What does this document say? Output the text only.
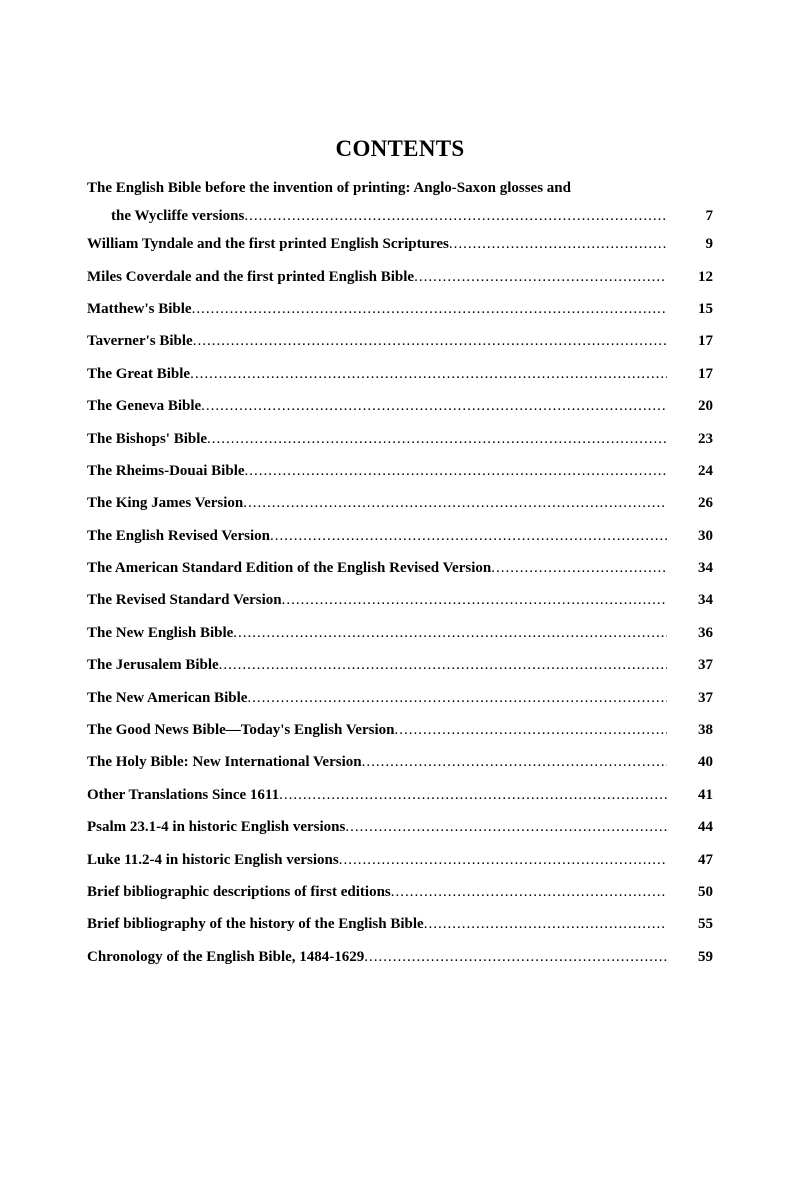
CONTENTS
The English Bible before the invention of printing: Anglo-Saxon glosses and
the Wycliffe versions .....	7
William Tyndale and the first printed English Scriptures .....	9
Miles Coverdale and the first printed English Bible .....	12
Matthew's Bible .....	15
Taverner's Bible .....	17
The Great Bible .....	17
The Geneva Bible .....	20
The Bishops' Bible .....	23
The Rheims-Douai Bible .....	24
The King James Version .....	26
The English Revised Version .....	30
The American Standard Edition of the English Revised Version .....	34
The Revised Standard Version .....	34
The New English Bible .....	36
The Jerusalem Bible .....	37
The New American Bible .....	37
The Good News Bible—Today's English Version .....	38
The Holy Bible: New International Version .....	40
Other Translations Since 1611 .....	41
Psalm 23.1-4 in historic English versions .....	44
Luke 11.2-4 in historic English versions .....	47
Brief bibliographic descriptions of first editions .....	50
Brief bibliography of the history of the English Bible .....	55
Chronology of the English Bible, 1484-1629 .....	59
